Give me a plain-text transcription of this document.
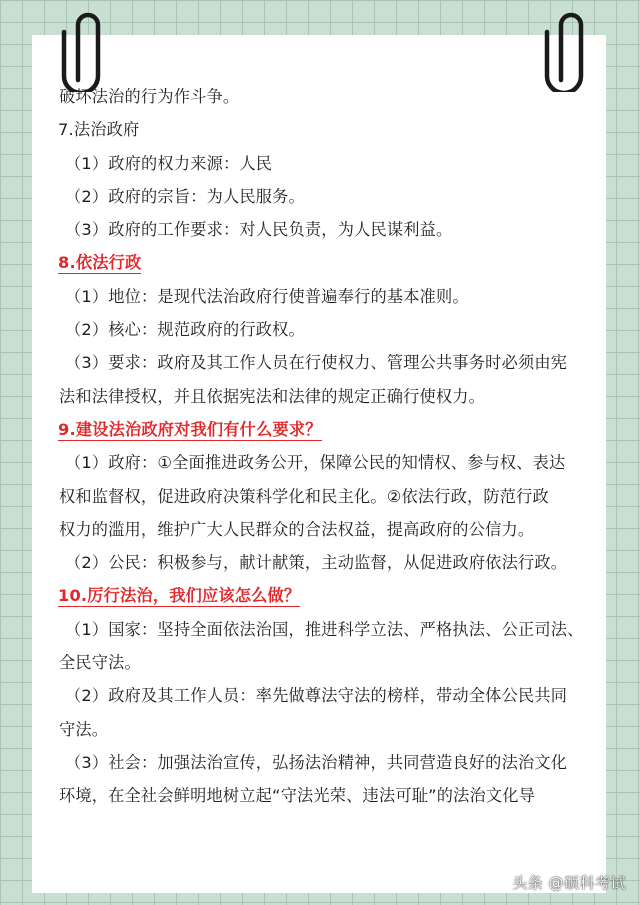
破坏法治的行为作斗争。
7.法治政府
（1）政府的权力来源：人民
（2）政府的宗旨：为人民服务。
（3）政府的工作要求：对人民负责，为人民谋利益。
8.依法行政
（1）地位：是现代法治政府行使普遍奉行的基本准则。
（2）核心：规范政府的行政权。
（3）要求：政府及其工作人员在行使权力、管理公共事务时必须由宪
法和法律授权，并且依据宪法和法律的规定正确行使权力。
9.建设法治政府对我们有什么要求？
（1）政府：①全面推进政务公开，保障公民的知情权、参与权、表达
权和监督权，促进政府决策科学化和民主化。②依法行政，防范行政
权力的滥用，维护广大人民群众的合法权益，提高政府的公信力。
（2）公民：积极参与，献计献策，主动监督，从促进政府依法行政。
10.厉行法治，我们应该怎么做？
（1）国家：坚持全面依法治国，推进科学立法、严格执法、公正司法、
全民守法。
（2）政府及其工作人员：率先做尊法守法的榜样，带动全体公民共同
守法。
（3）社会：加强法治宣传，弘扬法治精神，共同营造良好的法治文化
环境，在全社会鲜明地树立起“守法光荣、违法可耻”的法治文化导
头条 @硕科考试
